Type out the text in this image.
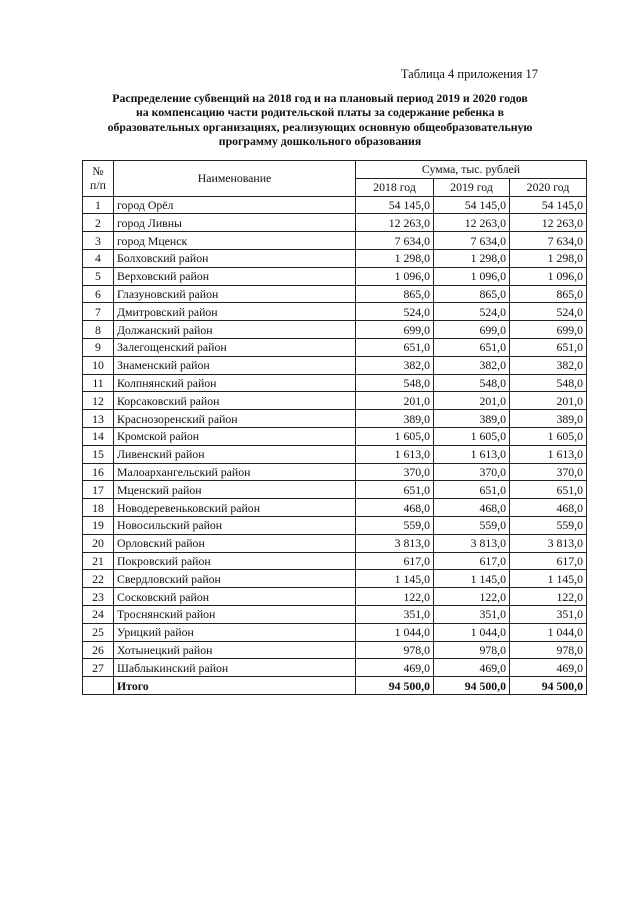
Таблица 4 приложения 17
Распределение субвенций на 2018 год и на плановый период 2019 и 2020 годов
на компенсацию части родительской платы за содержание ребенка в
образовательных организациях, реализующих основную общеобразовательную
программу дошкольного образования
№
п/п	Наименование	Сумма, тыс. рублей		
		2018 год	2019 год	2020 год
1	город Орёл	54 145,0	54 145,0	54 145,0
2	город Ливны	12 263,0	12 263,0	12 263,0
3	город Мценск	7 634,0	7 634,0	7 634,0
4	Болховский район	1 298,0	1 298,0	1 298,0
5	Верховский район	1 096,0	1 096,0	1 096,0
6	Глазуновский район	865,0	865,0	865,0
7	Дмитровский район	524,0	524,0	524,0
8	Должанский район	699,0	699,0	699,0
9	Залегощенский район	651,0	651,0	651,0
10	Знаменский район	382,0	382,0	382,0
11	Колпнянский район	548,0	548,0	548,0
12	Корсаковский район	201,0	201,0	201,0
13	Краснозоренский район	389,0	389,0	389,0
14	Кромской район	1 605,0	1 605,0	1 605,0
15	Ливенский район	1 613,0	1 613,0	1 613,0
16	Малоархангельский район	370,0	370,0	370,0
17	Мценский район	651,0	651,0	651,0
18	Новодеревеньковский район	468,0	468,0	468,0
19	Новосильский район	559,0	559,0	559,0
20	Орловский район	3 813,0	3 813,0	3 813,0
21	Покровский район	617,0	617,0	617,0
22	Свердловский район	1 145,0	1 145,0	1 145,0
23	Сосковский район	122,0	122,0	122,0
24	Троснянский район	351,0	351,0	351,0
25	Урицкий район	1 044,0	1 044,0	1 044,0
26	Хотынецкий район	978,0	978,0	978,0
27	Шаблыкинский район	469,0	469,0	469,0
	Итого	94 500,0	94 500,0	94 500,0
